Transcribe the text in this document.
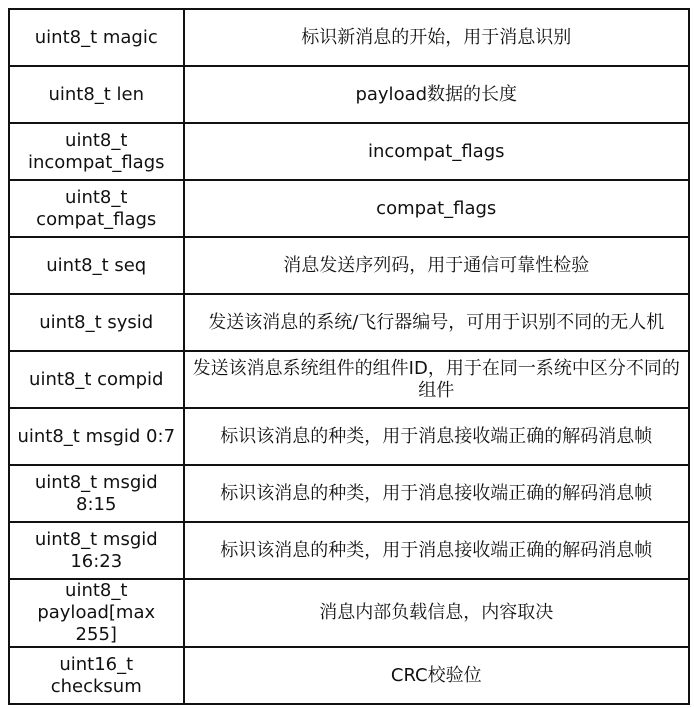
uint8_t magic	标识新消息的开始，用于消息识别
uint8_t len	payload数据的长度
uint8_t incompat_flags	incompat_flags
uint8_t compat_flags	compat_flags
uint8_t seq	消息发送序列码，用于通信可靠性检验
uint8_t sysid	发送该消息的系统/飞行器编号，可用于识别不同的无人机
uint8_t compid	发送该消息系统组件的组件ID，用于在同一系统中区分不同的组件
uint8_t msgid 0:7	标识该消息的种类，用于消息接收端正确的解码消息帧
uint8_t msgid 8:15	标识该消息的种类，用于消息接收端正确的解码消息帧
uint8_t msgid 16:23	标识该消息的种类，用于消息接收端正确的解码消息帧
uint8_t payload[max 255]	消息内部负载信息，内容取决
uint16_t checksum	CRC校验位
